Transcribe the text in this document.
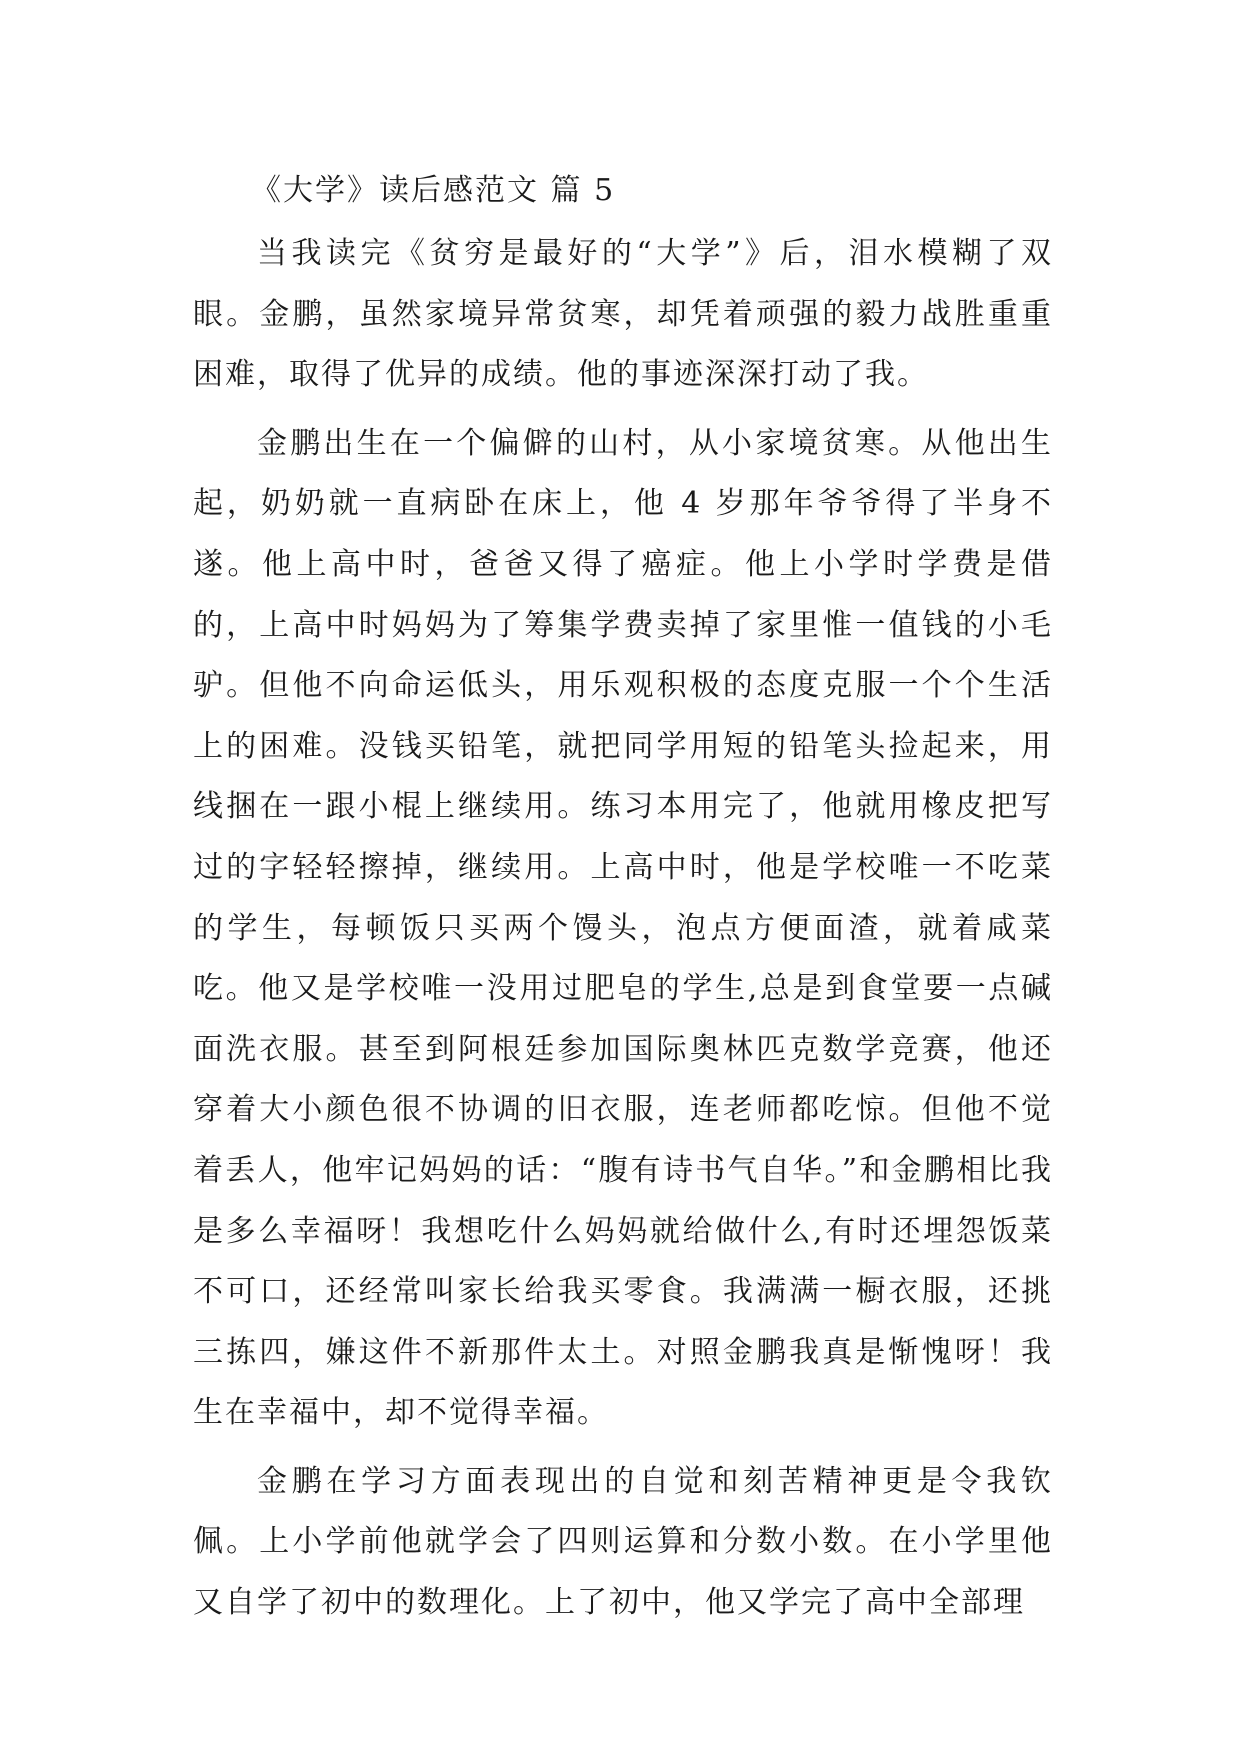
《大学》读后感范文 篇 5

当我读完《贫穷是最好的“大学”》后，泪水模糊了双眼。金鹏，虽然家境异常贫寒，却凭着顽强的毅力战胜重重困难，取得了优异的成绩。他的事迹深深打动了我。

金鹏出生在一个偏僻的山村，从小家境贫寒。从他出生起，奶奶就一直病卧在床上，他 4 岁那年爷爷得了半身不遂。他上高中时，爸爸又得了癌症。他上小学时学费是借的，上高中时妈妈为了筹集学费卖掉了家里惟一值钱的小毛驴。但他不向命运低头，用乐观积极的态度克服一个个生活上的困难。没钱买铅笔，就把同学用短的铅笔头捡起来，用线捆在一跟小棍上继续用。练习本用完了，他就用橡皮把写过的字轻轻擦掉，继续用。上高中时，他是学校唯一不吃菜的学生，每顿饭只买两个馒头，泡点方便面渣，就着咸菜吃。他又是学校唯一没用过肥皂的学生,总是到食堂要一点碱面洗衣服。甚至到阿根廷参加国际奥林匹克数学竞赛，他还穿着大小颜色很不协调的旧衣服，连老师都吃惊。但他不觉着丢人，他牢记妈妈的话：“腹有诗书气自华。”和金鹏相比我是多么幸福呀！我想吃什么妈妈就给做什么,有时还埋怨饭菜不可口，还经常叫家长给我买零食。我满满一橱衣服，还挑三拣四，嫌这件不新那件太土。对照金鹏我真是惭愧呀！我生在幸福中，却不觉得幸福。

金鹏在学习方面表现出的自觉和刻苦精神更是令我钦佩。上小学前他就学会了四则运算和分数小数。在小学里他又自学了初中的数理化。上了初中，他又学完了高中全部理
